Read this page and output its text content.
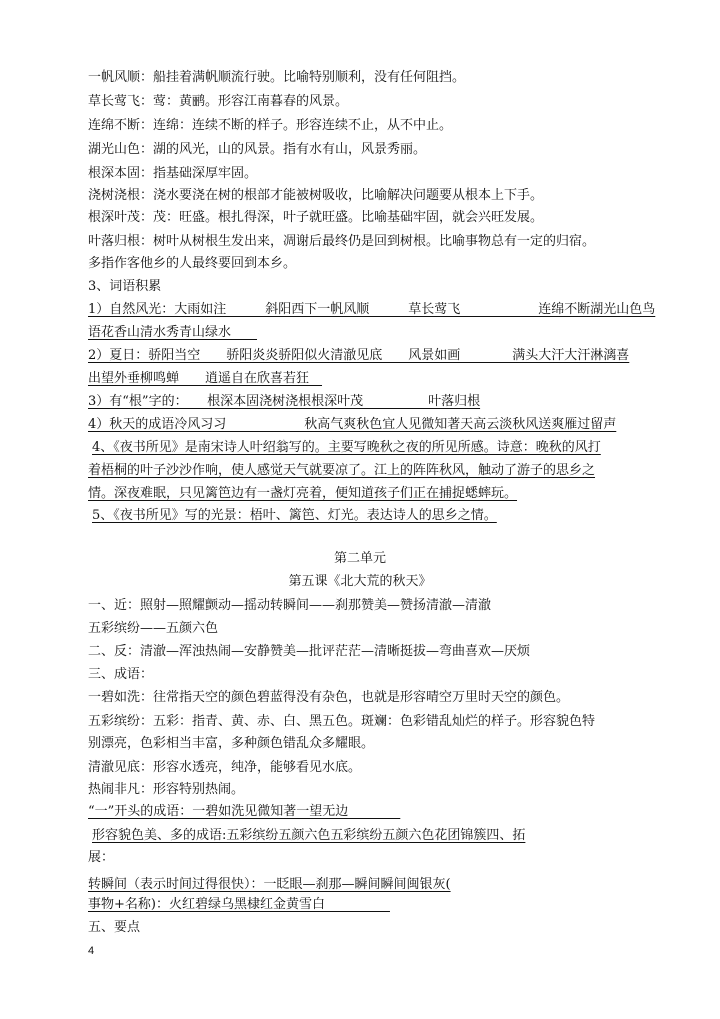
一帆风顺：船挂着满帆顺流行驶。比喻特别顺利，没有任何阻挡。
草长莺飞：莺：黄鹂。形容江南暮春的风景。
连绵不断：连绵：连续不断的样子。形容连续不止，从不中止。
湖光山色：湖的风光，山的风景。指有水有山，风景秀丽。
根深本固：指基础深厚牢固。
浇树浇根：浇水要浇在树的根部才能被树吸收，比喻解决问题要从根本上下手。
根深叶茂：茂：旺盛。根扎得深，叶子就旺盛。比喻基础牢固，就会兴旺发展。
叶落归根：树叶从树根生发出来，凋谢后最终仍是回到树根。比喻事物总有一定的归宿。
多指作客他乡的人最终要回到本乡。
3、词语积累
1）自然风光：大雨如注　　　斜阳西下一帆风顺　　　草长莺飞　　　　　　连绵不断湖光山色鸟
语花香山清水秀青山绿水　　
2）夏日：骄阳当空　　骄阳炎炎骄阳似火清澈见底　　风景如画　　　　满头大汗大汗淋漓喜
出望外垂柳鸣蝉　　逍遥自在欣喜若狂　
3）有“根”字的：　　根深本固浇树浇根根深叶茂　　　　　叶落归根
4）秋天的成语冷风习习　　　　　　秋高气爽秋色宜人见微知著天高云淡秋风送爽雁过留声
4、《夜书所见》是南宋诗人叶绍翁写的。主要写晚秋之夜的所见所感。诗意：晚秋的风打
着梧桐的叶子沙沙作响，使人感觉天气就要凉了。江上的阵阵秋风，触动了游子的思乡之
情。深夜难眠，只见篱笆边有一盏灯亮着，便知道孩子们正在捕捉蟋蟀玩。
5、《夜书所见》写的光景：梧叶、篱笆、灯光。表达诗人的思乡之情。
第二单元
第五课《北大荒的秋天》
一、近：照射—照耀颤动—摇动转瞬间——刹那赞美—赞扬清澈—清澈
五彩缤纷——五颜六色
二、反：清澈—浑浊热闹—安静赞美—批评茫茫—清晰挺拔—弯曲喜欢—厌烦
三、成语：
一碧如洗：往常指天空的颜色碧蓝得没有杂色，也就是形容晴空万里时天空的颜色。
五彩缤纷：五彩：指青、黄、赤、白、黑五色。斑斓：色彩错乱灿烂的样子。形容貌色特
别漂亮，色彩相当丰富，多种颜色错乱众多耀眼。
清澈见底：形容水透亮，纯净，能够看见水底。
热闹非凡：形容特别热闹。
“一”开头的成语：一碧如洗见微知著一望无边　　　　
形容貌色美、多的成语:五彩缤纷五颜六色五彩缤纷五颜六色花团锦簇四、拓
展：
转瞬间（表示时间过得很快）：一眨眼—刹那—瞬间瞬间闽银灰(
事物+名称)：火红碧绿乌黑棣红金黄雪白　　　　　
五、要点
4
